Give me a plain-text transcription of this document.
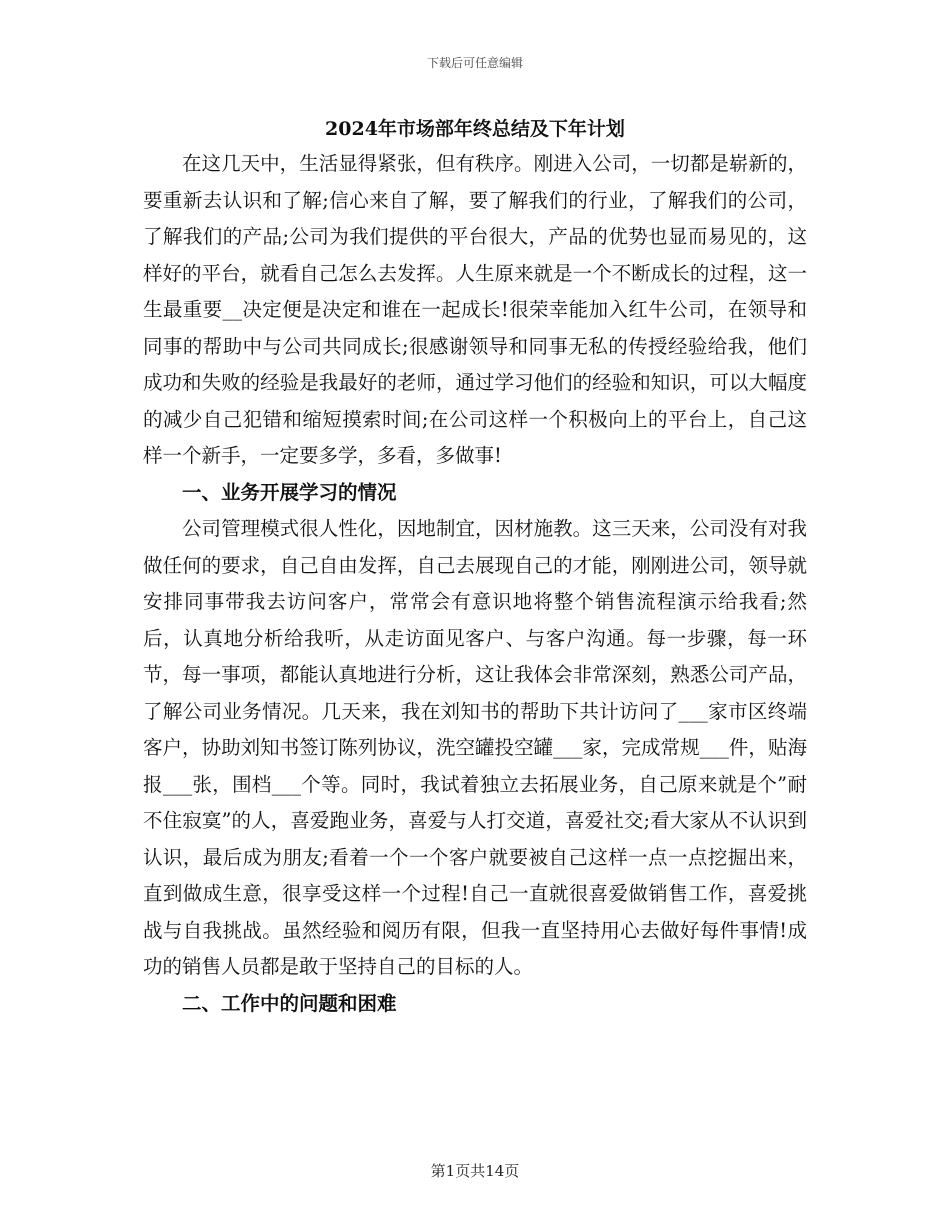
下载后可任意编辑
2024年市场部年终总结及下年计划

在这几天中，生活显得紧张，但有秩序。刚进入公司，一切都是崭新的，要重新去认识和了解;信心来自了解，要了解我们的行业，了解我们的公司，了解我们的产品;公司为我们提供的平台很大，产品的优势也显而易见的，这样好的平台，就看自己怎么去发挥。人生原来就是一个不断成长的过程，这一生最重要__决定便是决定和谁在一起成长!很荣幸能加入红牛公司，在领导和同事的帮助中与公司共同成长;很感谢领导和同事无私的传授经验给我，他们成功和失败的经验是我最好的老师，通过学习他们的经验和知识，可以大幅度的减少自己犯错和缩短摸索时间;在公司这样一个积极向上的平台上，自己这样一个新手，一定要多学，多看，多做事!

一、业务开展学习的情况

公司管理模式很人性化，因地制宜，因材施教。这三天来，公司没有对我做任何的要求，自己自由发挥，自己去展现自己的才能，刚刚进公司，领导就安排同事带我去访问客户，常常会有意识地将整个销售流程演示给我看;然后，认真地分析给我听，从走访面见客户、与客户沟通。每一步骤，每一环节，每一事项，都能认真地进行分析，这让我体会非常深刻，熟悉公司产品，了解公司业务情况。几天来，我在刘知书的帮助下共计访问了___家市区终端客户，协助刘知书签订陈列协议，洗空罐投空罐___家，完成常规___件，贴海报___张，围档___个等。同时，我试着独立去拓展业务，自己原来就是个”耐不住寂寞”的人，喜爱跑业务，喜爱与人打交道，喜爱社交;看大家从不认识到认识，最后成为朋友;看着一个一个客户就要被自己这样一点一点挖掘出来，直到做成生意，很享受这样一个过程!自己一直就很喜爱做销售工作，喜爱挑战与自我挑战。虽然经验和阅历有限，但我一直坚持用心去做好每件事情!成功的销售人员都是敢于坚持自己的目标的人。

二、工作中的问题和困难

第1页共14页
